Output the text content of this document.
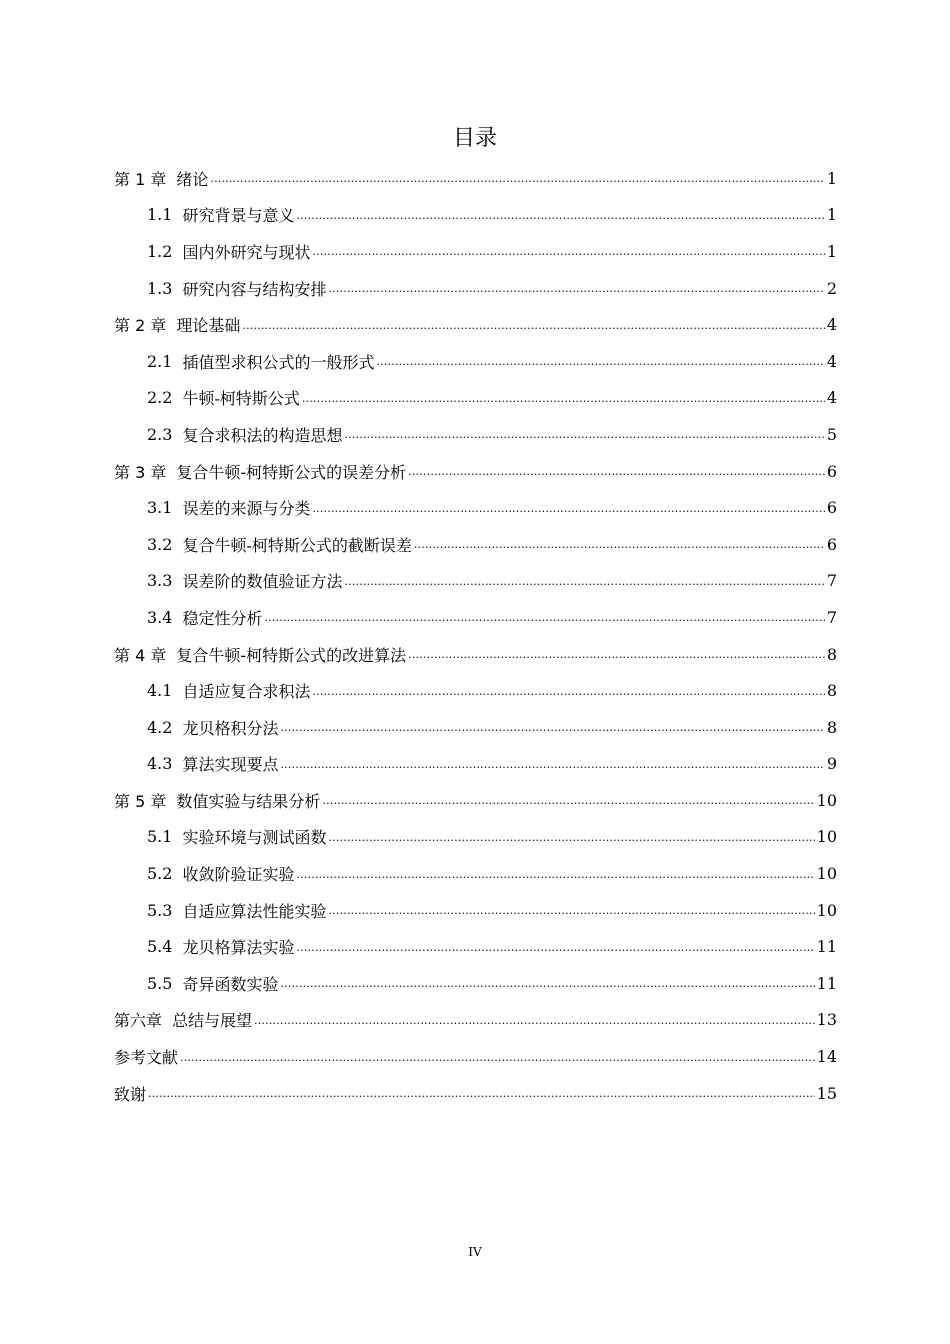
目录
第 1 章 绪论 .....	1
1.1 研究背景与意义 .....	1
1.2 国内外研究与现状 .....	1
1.3 研究内容与结构安排 .....	2
第 2 章 理论基础 .....	4
2.1 插值型求积公式的一般形式 .....	4
2.2 牛顿-柯特斯公式 .....	4
2.3 复合求积法的构造思想 .....	5
第 3 章 复合牛顿-柯特斯公式的误差分析 .....	6
3.1 误差的来源与分类 .....	6
3.2 复合牛顿-柯特斯公式的截断误差 .....	6
3.3 误差阶的数值验证方法 .....	7
3.4 稳定性分析 .....	7
第 4 章 复合牛顿-柯特斯公式的改进算法 .....	8
4.1 自适应复合求积法 .....	8
4.2 龙贝格积分法 .....	8
4.3 算法实现要点 .....	9
第 5 章 数值实验与结果分析 .....	10
5.1 实验环境与测试函数 .....	10
5.2 收敛阶验证实验 .....	10
5.3 自适应算法性能实验 .....	10
5.4 龙贝格算法实验 .....	11
5.5 奇异函数实验 .....	11
第六章 总结与展望 .....	13
参考文献 .....	14
致谢 .....	15
IV
